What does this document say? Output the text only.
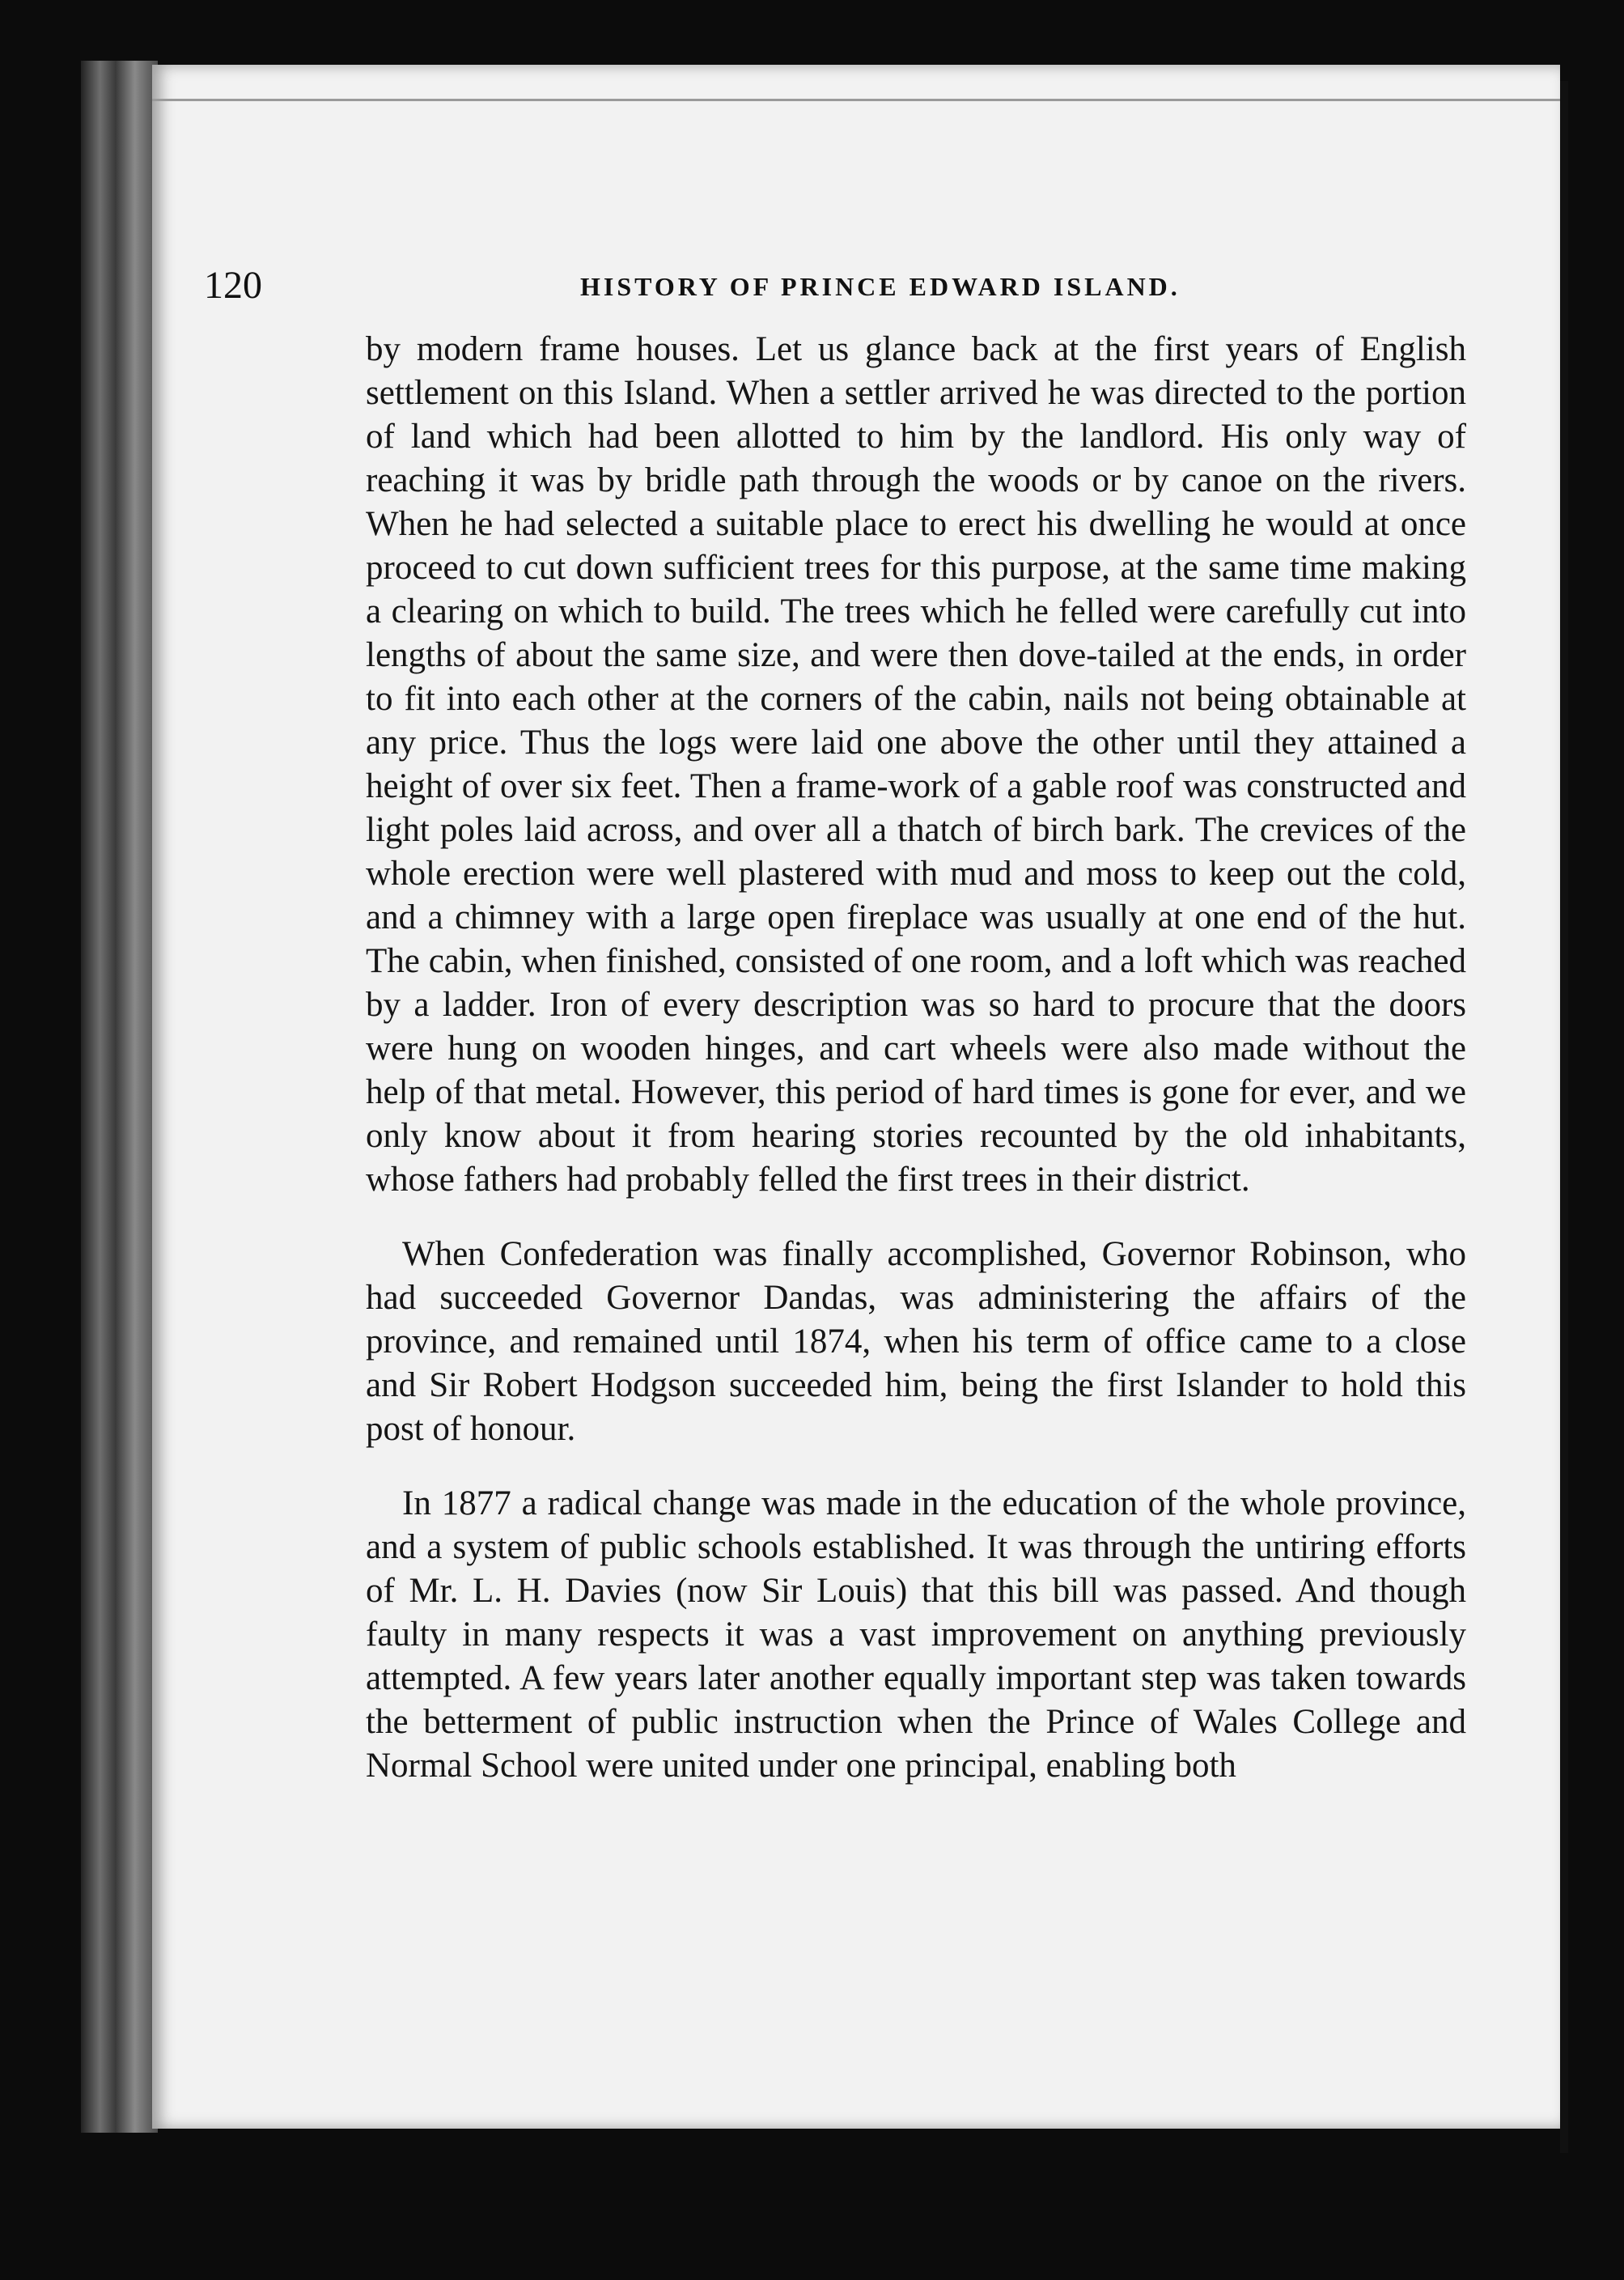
120	HISTORY OF PRINCE EDWARD ISLAND.

by modern frame houses. Let us glance back at the first years of English settlement on this Island. When a settler arrived he was directed to the portion of land which had been allotted to him by the landlord. His only way of reaching it was by bridle path through the woods or by canoe on the rivers. When he had selected a suitable place to erect his dwelling he would at once proceed to cut down sufficient trees for this purpose, at the same time making a clearing on which to build. The trees which he felled were carefully cut into lengths of about the same size, and were then dove-tailed at the ends, in order to fit into each other at the corners of the cabin, nails not being obtainable at any price. Thus the logs were laid one above the other until they attained a height of over six feet. Then a frame-work of a gable roof was constructed and light poles laid across, and over all a thatch of birch bark. The crevices of the whole erection were well plastered with mud and moss to keep out the cold, and a chimney with a large open fireplace was usually at one end of the hut. The cabin, when finished, consisted of one room, and a loft which was reached by a ladder. Iron of every description was so hard to procure that the doors were hung on wooden hinges, and cart wheels were also made without the help of that metal. However, this period of hard times is gone for ever, and we only know about it from hearing stories recounted by the old inhabitants, whose fathers had probably felled the first trees in their district.

When Confederation was finally accomplished, Governor Robinson, who had succeeded Governor Dandas, was administering the affairs of the province, and remained until 1874, when his term of office came to a close and Sir Robert Hodgson succeeded him, being the first Islander to hold this post of honour.

In 1877 a radical change was made in the education of the whole province, and a system of public schools established. It was through the untiring efforts of Mr. L. H. Davies (now Sir Louis) that this bill was passed. And though faulty in many respects it was a vast improvement on anything previously attempted. A few years later another equally important step was taken towards the betterment of public instruction when the Prince of Wales College and Normal School were united under one principal, enabling both
